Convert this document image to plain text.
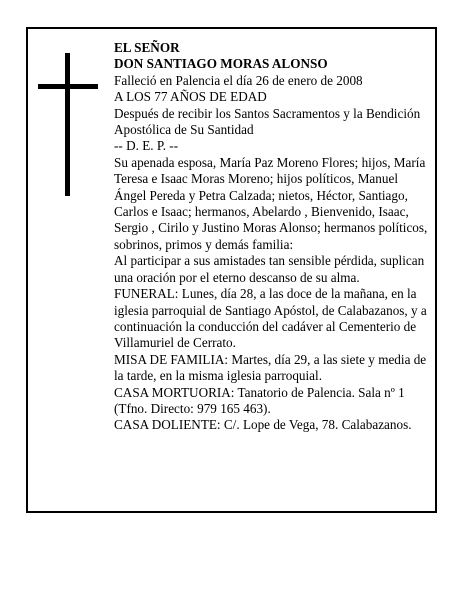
EL SEÑOR

DON SANTIAGO MORAS ALONSO

Falleció en Palencia el día 26 de enero de 2008

A LOS 77 AÑOS DE EDAD

Después de recibir los Santos Sacramentos y la Bendición Apostólica de Su Santidad

-- D. E. P. --

Su apenada esposa, María Paz Moreno Flores; hijos, María Teresa e Isaac Moras Moreno; hijos políticos, Manuel Ángel Pereda y Petra Calzada; nietos, Héctor, Santiago, Carlos e Isaac; hermanos, Abelardo , Bienvenido, Isaac, Sergio , Cirilo y Justino Moras Alonso; hermanos políticos, sobrinos, primos y demás familia:

Al participar a sus amistades tan sensible pérdida, suplican una oración por el eterno descanso de su alma.

FUNERAL: Lunes, día 28, a las doce de la mañana, en la iglesia parroquial de Santiago Apóstol, de Calabazanos, y a continuación la conducción del cadáver al Cementerio de Villamuriel de Cerrato.

MISA DE FAMILIA: Martes, día 29, a las siete y media de la tarde, en la misma iglesia parroquial.

CASA MORTUORIA: Tanatorio de Palencia. Sala nº 1 (Tfno. Directo: 979 165 463).

CASA DOLIENTE: C/. Lope de Vega, 78. Calabazanos.
